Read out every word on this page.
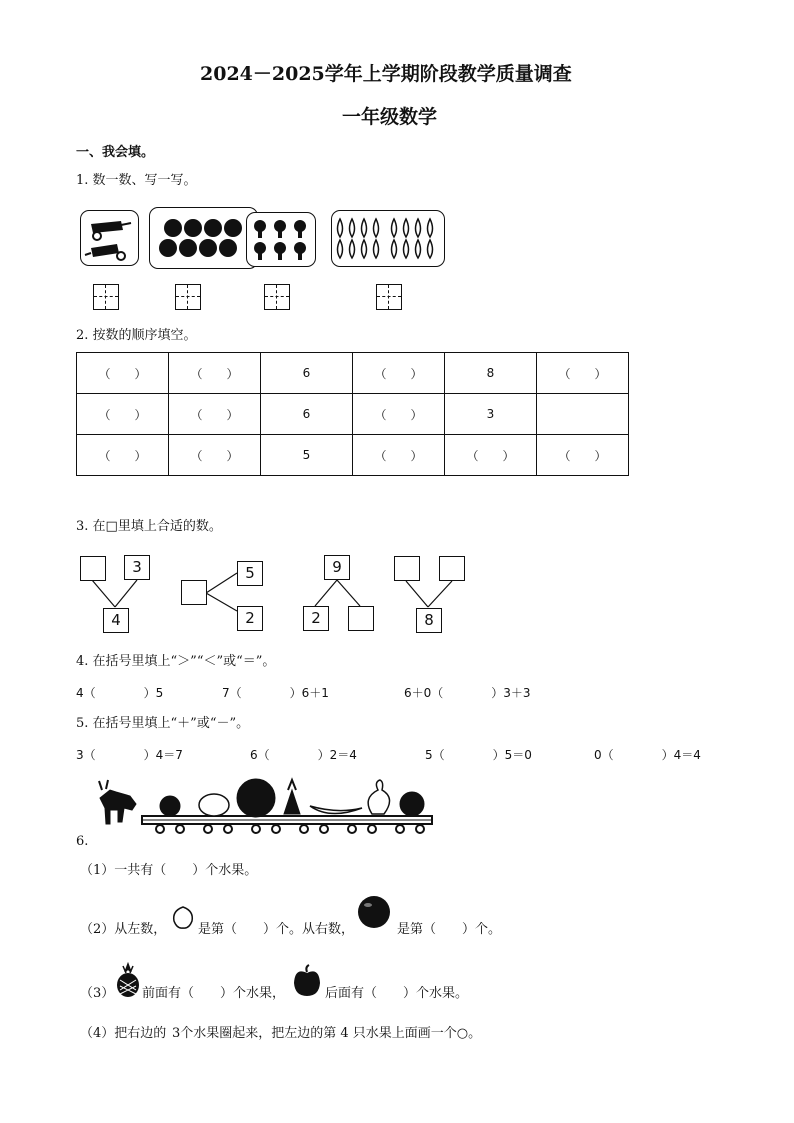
2024－2025学年上学期阶段教学质量调查
一年级数学
一、我会填。
1. 数一数、写一写。
2. 按数的顺序填空。
（　　）	（　　）	6	（　　）	8	（　　）
（　　）	（　　）	6	（　　）	3	
（　　）	（　　）	5	（　　）	（　　）	（　　）
3. 在□里填上合适的数。
3
4
5
2
9
2	8
4. 在括号里填上“＞”“＜”或“＝”。
4（　　　　）5	7（　　　　）6＋1	6＋0（　　　　）3＋3
5. 在括号里填上“＋”或“－”。
3（　　　　）4＝7	6（　　　　）2＝4	5（　　　　）5＝0	0（　　　　）4＝4
6.
（1）一共有（　　）个水果。
（2）从左数， 是第（　　）个。从右数，	是第（　　）个。
（3） 前面有（　　）个水果，	后面有（　　）个水果。
（4）把右边的 3个水果圈起来，把左边的第 4 只水果上面画一个○。
